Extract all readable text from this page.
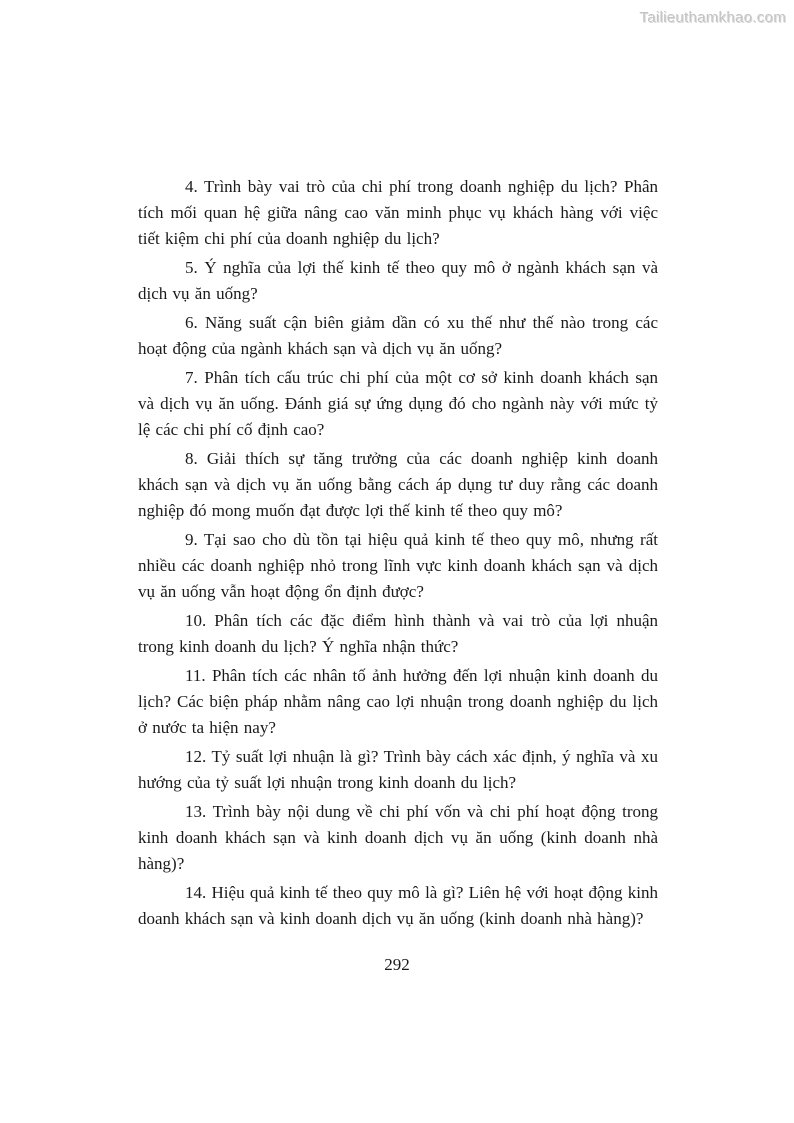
Tailieuthamkhao.com

4. Trình bày vai trò của chi phí trong doanh nghiệp du lịch? Phân tích mối quan hệ giữa nâng cao văn minh phục vụ khách hàng với việc tiết kiệm chi phí của doanh nghiệp du lịch?

5. Ý nghĩa của lợi thế kinh tế theo quy mô ở ngành khách sạn và dịch vụ ăn uống?

6. Năng suất cận biên giảm dần có xu thế như thế nào trong các hoạt động của ngành khách sạn và dịch vụ ăn uống?

7. Phân tích cấu trúc chi phí của một cơ sở kinh doanh khách sạn và dịch vụ ăn uống. Đánh giá sự ứng dụng đó cho ngành này với mức tỷ lệ các chi phí cố định cao?

8. Giải thích sự tăng trưởng của các doanh nghiệp kinh doanh khách sạn và dịch vụ ăn uống bằng cách áp dụng tư duy rằng các doanh nghiệp đó mong muốn đạt được lợi thế kinh tế theo quy mô?

9. Tại sao cho dù tồn tại hiệu quả kinh tế theo quy mô, nhưng rất nhiều các doanh nghiệp nhỏ trong lĩnh vực kinh doanh khách sạn và dịch vụ ăn uống vẫn hoạt động ổn định được?

10. Phân tích các đặc điểm hình thành và vai trò của lợi nhuận trong kinh doanh du lịch? Ý nghĩa nhận thức?

11. Phân tích các nhân tố ảnh hưởng đến lợi nhuận kinh doanh du lịch? Các biện pháp nhằm nâng cao lợi nhuận trong doanh nghiệp du lịch ở nước ta hiện nay?

12. Tỷ suất lợi nhuận là gì? Trình bày cách xác định, ý nghĩa và xu hướng của tỷ suất lợi nhuận trong kinh doanh du lịch?

13. Trình bày nội dung về chi phí vốn và chi phí hoạt động trong kinh doanh khách sạn và kinh doanh dịch vụ ăn uống (kinh doanh nhà hàng)?

14. Hiệu quả kinh tế theo quy mô là gì? Liên hệ với hoạt động kinh doanh khách sạn và kinh doanh dịch vụ ăn uống (kinh doanh nhà hàng)?

292
